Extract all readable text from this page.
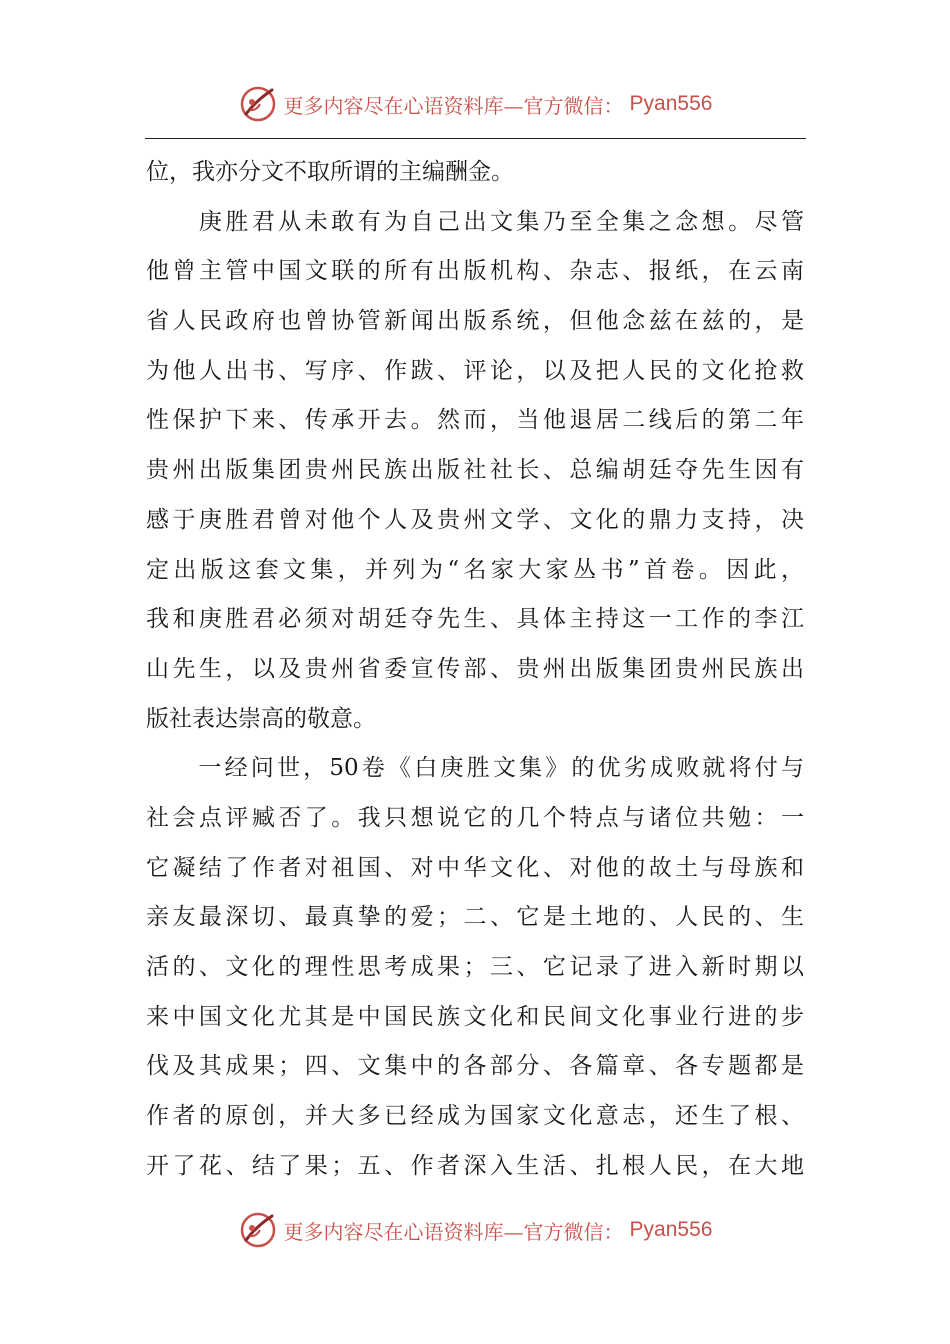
更多内容尽在心语资料库—官方微信： Pyan556
位，我亦分文不取所谓的主编酬金。
　　庚胜君从未敢有为自己出文集乃至全集之念想。尽管
他曾主管中国文联的所有出版机构、杂志、报纸，在云南
省人民政府也曾协管新闻出版系统，但他念兹在兹的，是
为他人出书、写序、作跋、评论，以及把人民的文化抢救
性保护下来、传承开去。然而，当他退居二线后的第二年
贵州出版集团贵州民族出版社社长、总编胡廷夺先生因有
感于庚胜君曾对他个人及贵州文学、文化的鼎力支持，决
定出版这套文集，并列为“名家大家丛书”首卷。因此，
我和庚胜君必须对胡廷夺先生、具体主持这一工作的李江
山先生，以及贵州省委宣传部、贵州出版集团贵州民族出
版社表达崇高的敬意。
　　一经问世，50卷《白庚胜文集》的优劣成败就将付与
社会点评臧否了。我只想说它的几个特点与诸位共勉：一
它凝结了作者对祖国、对中华文化、对他的故土与母族和
亲友最深切、最真挚的爱；二、它是土地的、人民的、生
活的、文化的理性思考成果；三、它记录了进入新时期以
来中国文化尤其是中国民族文化和民间文化事业行进的步
伐及其成果；四、文集中的各部分、各篇章、各专题都是
作者的原创，并大多已经成为国家文化意志，还生了根、
开了花、结了果；五、作者深入生活、扎根人民，在大地
更多内容尽在心语资料库—官方微信： Pyan556
